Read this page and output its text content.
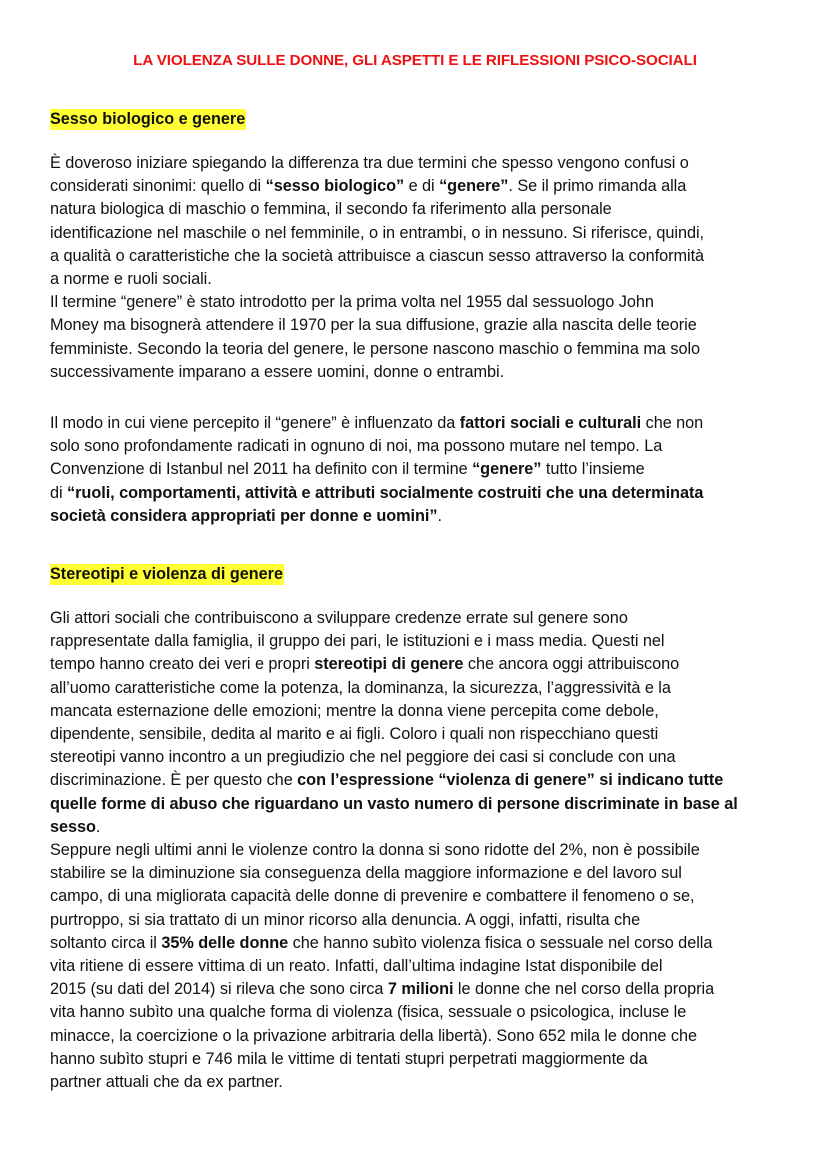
LA VIOLENZA SULLE DONNE, GLI ASPETTI E LE RIFLESSIONI PSICO-SOCIALI
Sesso biologico e genere
È doveroso iniziare spiegando la differenza tra due termini che spesso vengono confusi o
considerati sinonimi: quello di “sesso biologico” e di “genere”. Se il primo rimanda alla
natura biologica di maschio o femmina, il secondo fa riferimento alla personale
identificazione nel maschile o nel femminile, o in entrambi, o in nessuno. Si riferisce, quindi,
a qualità o caratteristiche che la società attribuisce a ciascun sesso attraverso la conformità
a norme e ruoli sociali.
Il termine “genere” è stato introdotto per la prima volta nel 1955 dal sessuologo John
Money ma bisognerà attendere il 1970 per la sua diffusione, grazie alla nascita delle teorie
femministe. Secondo la teoria del genere, le persone nascono maschio o femmina ma solo
successivamente imparano a essere uomini, donne o entrambi.
Il modo in cui viene percepito il “genere” è influenzato da fattori sociali e culturali che non
solo sono profondamente radicati in ognuno di noi, ma possono mutare nel tempo. La
Convenzione di Istanbul nel 2011 ha definito con il termine “genere” tutto l’insieme
di “ruoli, comportamenti, attività e attributi socialmente costruiti che una determinata
società considera appropriati per donne e uomini”.
Stereotipi e violenza di genere
Gli attori sociali che contribuiscono a sviluppare credenze errate sul genere sono
rappresentate dalla famiglia, il gruppo dei pari, le istituzioni e i mass media. Questi nel
tempo hanno creato dei veri e propri stereotipi di genere che ancora oggi attribuiscono
all’uomo caratteristiche come la potenza, la dominanza, la sicurezza, l’aggressività e la
mancata esternazione delle emozioni; mentre la donna viene percepita come debole,
dipendente, sensibile, dedita al marito e ai figli. Coloro i quali non rispecchiano questi
stereotipi vanno incontro a un pregiudizio che nel peggiore dei casi si conclude con una
discriminazione. È per questo che con l’espressione “violenza di genere” si indicano tutte
quelle forme di abuso che riguardano un vasto numero di persone discriminate in base al
sesso.
Seppure negli ultimi anni le violenze contro la donna si sono ridotte del 2%, non è possibile
stabilire se la diminuzione sia conseguenza della maggiore informazione e del lavoro sul
campo, di una migliorata capacità delle donne di prevenire e combattere il fenomeno o se,
purtroppo, si sia trattato di un minor ricorso alla denuncia. A oggi, infatti, risulta che
soltanto circa il 35% delle donne che hanno subìto violenza fisica o sessuale nel corso della
vita ritiene di essere vittima di un reato. Infatti, dall’ultima indagine Istat disponibile del
2015 (su dati del 2014) si rileva che sono circa 7 milioni le donne che nel corso della propria
vita hanno subìto una qualche forma di violenza (fisica, sessuale o psicologica, incluse le
minacce, la coercizione o la privazione arbitraria della libertà). Sono 652 mila le donne che
hanno subìto stupri e 746 mila le vittime di tentati stupri perpetrati maggiormente da
partner attuali che da ex partner.
